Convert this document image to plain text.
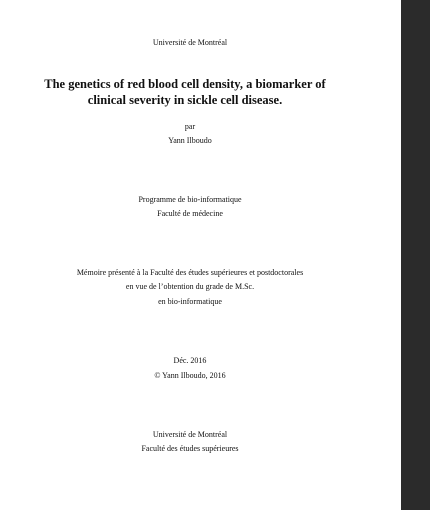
Université de Montréal
The genetics of red blood cell density, a biomarker of
clinical severity in sickle cell disease.
par
Yann Ilboudo
Programme de bio-informatique
Faculté de médecine
Mémoire présenté à la Faculté des études supérieures et postdoctorales
en vue de l’obtention du grade de M.Sc.
en bio-informatique
Déc. 2016
© Yann Ilboudo, 2016
Université de Montréal
Faculté des études supérieures
